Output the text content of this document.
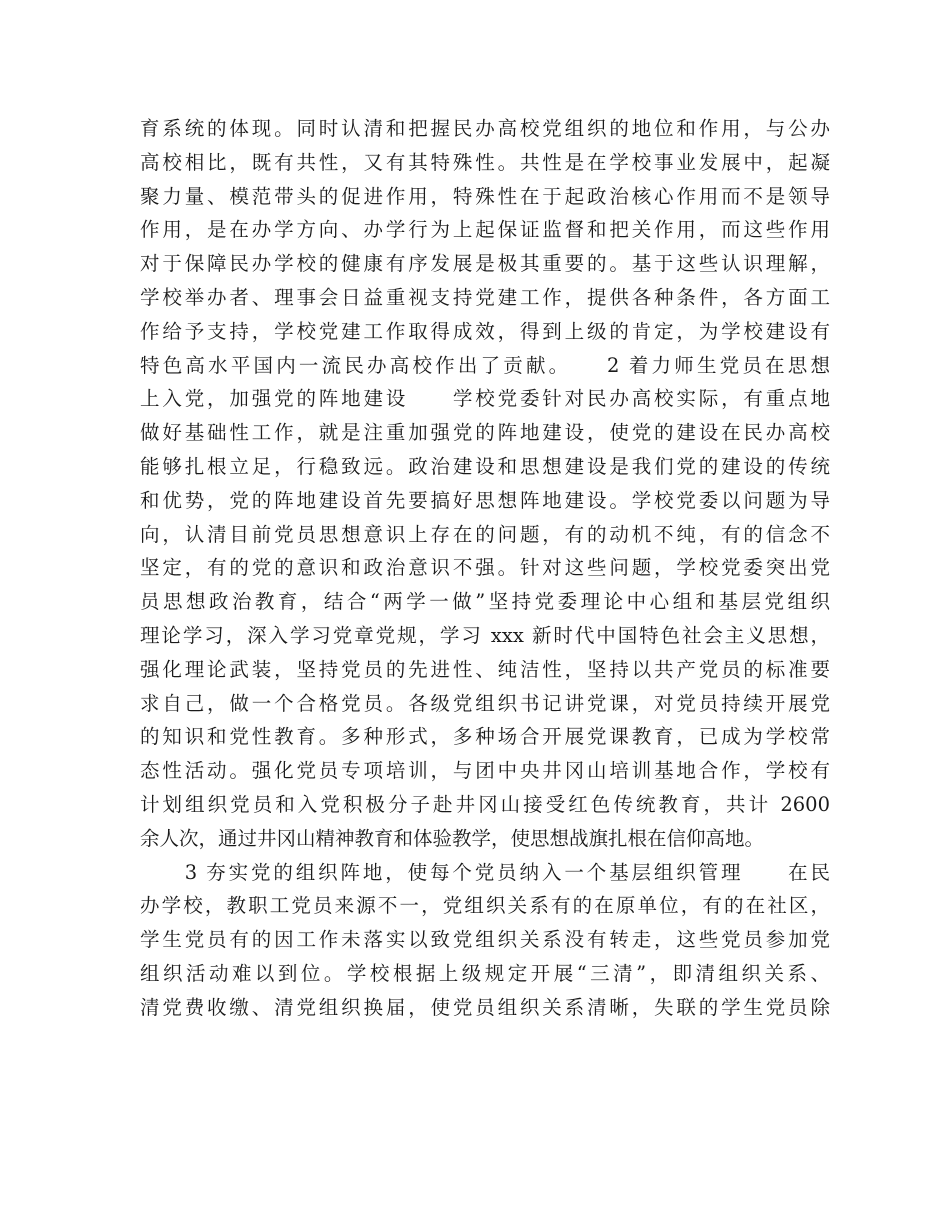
育系统的体现。同时认清和把握民办高校党组织的地位和作用，与公办
高校相比，既有共性，又有其特殊性。共性是在学校事业发展中，起凝
聚力量、模范带头的促进作用，特殊性在于起政治核心作用而不是领导
作用，是在办学方向、办学行为上起保证监督和把关作用，而这些作用
对于保障民办学校的健康有序发展是极其重要的。基于这些认识理解，
学校举办者、理事会日益重视支持党建工作，提供各种条件，各方面工
作给予支持，学校党建工作取得成效，得到上级的肯定，为学校建设有
特色高水平国内一流民办高校作出了贡献。　　2 着力师生党员在思想
上入党，加强党的阵地建设　　学校党委针对民办高校实际，有重点地
做好基础性工作，就是注重加强党的阵地建设，使党的建设在民办高校
能够扎根立足，行稳致远。政治建设和思想建设是我们党的建设的传统
和优势，党的阵地建设首先要搞好思想阵地建设。学校党委以问题为导
向，认清目前党员思想意识上存在的问题，有的动机不纯，有的信念不
坚定，有的党的意识和政治意识不强。针对这些问题，学校党委突出党
员思想政治教育，结合“两学一做”坚持党委理论中心组和基层党组织
理论学习，深入学习党章党规，学习 xxx 新时代中国特色社会主义思想，
强化理论武装，坚持党员的先进性、纯洁性，坚持以共产党员的标准要
求自己，做一个合格党员。各级党组织书记讲党课，对党员持续开展党
的知识和党性教育。多种形式，多种场合开展党课教育，已成为学校常
态性活动。强化党员专项培训，与团中央井冈山培训基地合作，学校有
计划组织党员和入党积极分子赴井冈山接受红色传统教育，共计 2600
余人次，通过井冈山精神教育和体验教学，使思想战旗扎根在信仰高地。
　　3 夯实党的组织阵地，使每个党员纳入一个基层组织管理　　在民
办学校，教职工党员来源不一，党组织关系有的在原单位，有的在社区，
学生党员有的因工作未落实以致党组织关系没有转走，这些党员参加党
组织活动难以到位。学校根据上级规定开展“三清”，即清组织关系、
清党费收缴、清党组织换届，使党员组织关系清晰，失联的学生党员除
